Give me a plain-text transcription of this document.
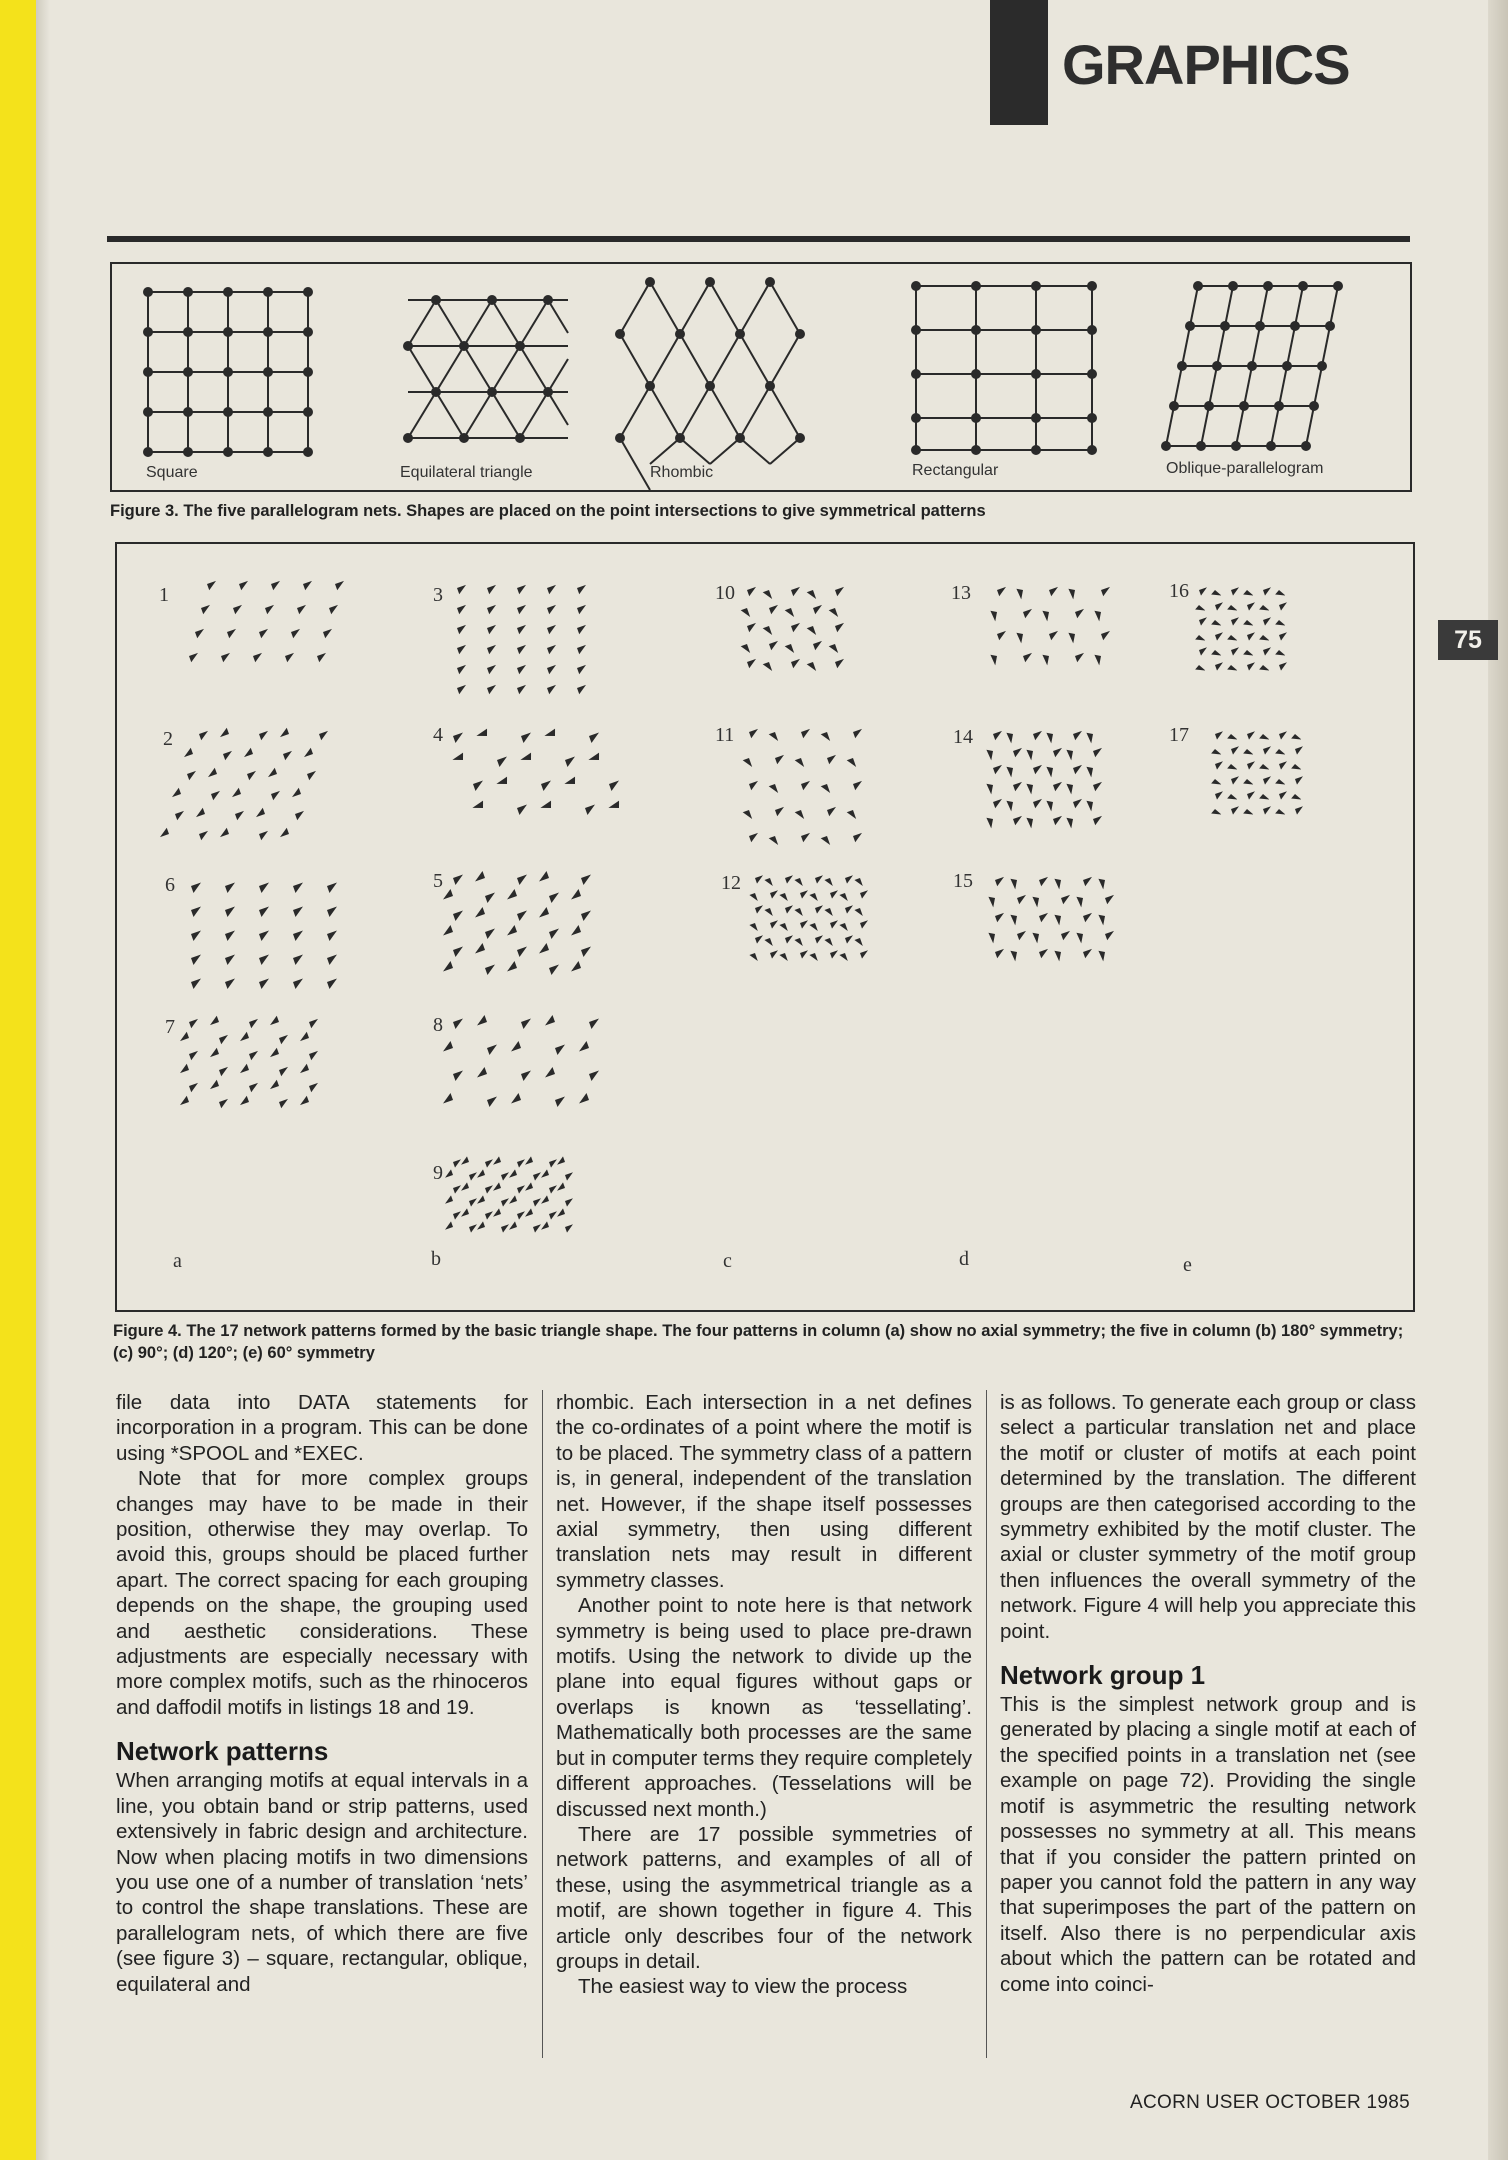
GRAPHICS
75
Square	Equilateral triangle	Rhombic	Rectangular	Oblique-parallelogram
Figure 3. The five parallelogram nets. Shapes are placed on the point intersections to give symmetrical patterns
1
2
3
4
5
6
7	8
9
10
11
12
13
14
15
16
17
a	b	c	d	e
Figure 4. The 17 network patterns formed by the basic triangle shape. The four patterns in column (a) show no axial symmetry; the five in column (b) 180° symmetry; (c) 90°; (d) 120°; (e) 60° symmetry

file data into DATA statements for incorporation in a program. This can be done using *SPOOL and *EXEC.

Note that for more complex groups changes may have to be made in their position, otherwise they may overlap. To avoid this, groups should be placed further apart. The correct spacing for each grouping depends on the shape, the grouping used and aesthetic considerations. These adjustments are especially necessary with more complex motifs, such as the rhinoceros and daffodil motifs in listings 18 and 19.

Network patterns

When arranging motifs at equal intervals in a line, you obtain band or strip patterns, used extensively in fabric design and architecture. Now when placing motifs in two dimensions you use one of a number of translation ‘nets’ to control the shape translations. These are parallelogram nets, of which there are five (see figure 3) – square, rectangular, oblique, equilateral and

rhombic. Each intersection in a net defines the co-ordinates of a point where the motif is to be placed. The symmetry class of a pattern is, in general, independent of the translation net. However, if the shape itself possesses axial symmetry, then using different translation nets may result in different symmetry classes.

Another point to note here is that network symmetry is being used to place pre-drawn motifs. Using the network to divide up the plane into equal figures without gaps or overlaps is known as ‘tessellating’. Mathematically both processes are the same but in computer terms they require completely different approaches. (Tesselations will be discussed next month.)

There are 17 possible symmetries of network patterns, and examples of all of these, using the asymmetrical triangle as a motif, are shown together in figure 4. This article only describes four of the network groups in detail.

The easiest way to view the process

is as follows. To generate each group or class select a particular translation net and place the motif or cluster of motifs at each point determined by the translation. The different groups are then categorised according to the symmetry exhibited by the motif cluster. The axial or cluster symmetry of the motif group then influences the overall symmetry of the network. Figure 4 will help you appreciate this point.

Network group 1

This is the simplest network group and is generated by placing a single motif at each of the specified points in a translation net (see example on page 72). Providing the single motif is asymmetric the resulting network possesses no symmetry at all. This means that if you consider the pattern printed on paper you cannot fold the pattern in any way that superimposes the part of the pattern on itself. Also there is no perpendicular axis about which the pattern can be rotated and come into coinci-

ACORN USER OCTOBER 1985
